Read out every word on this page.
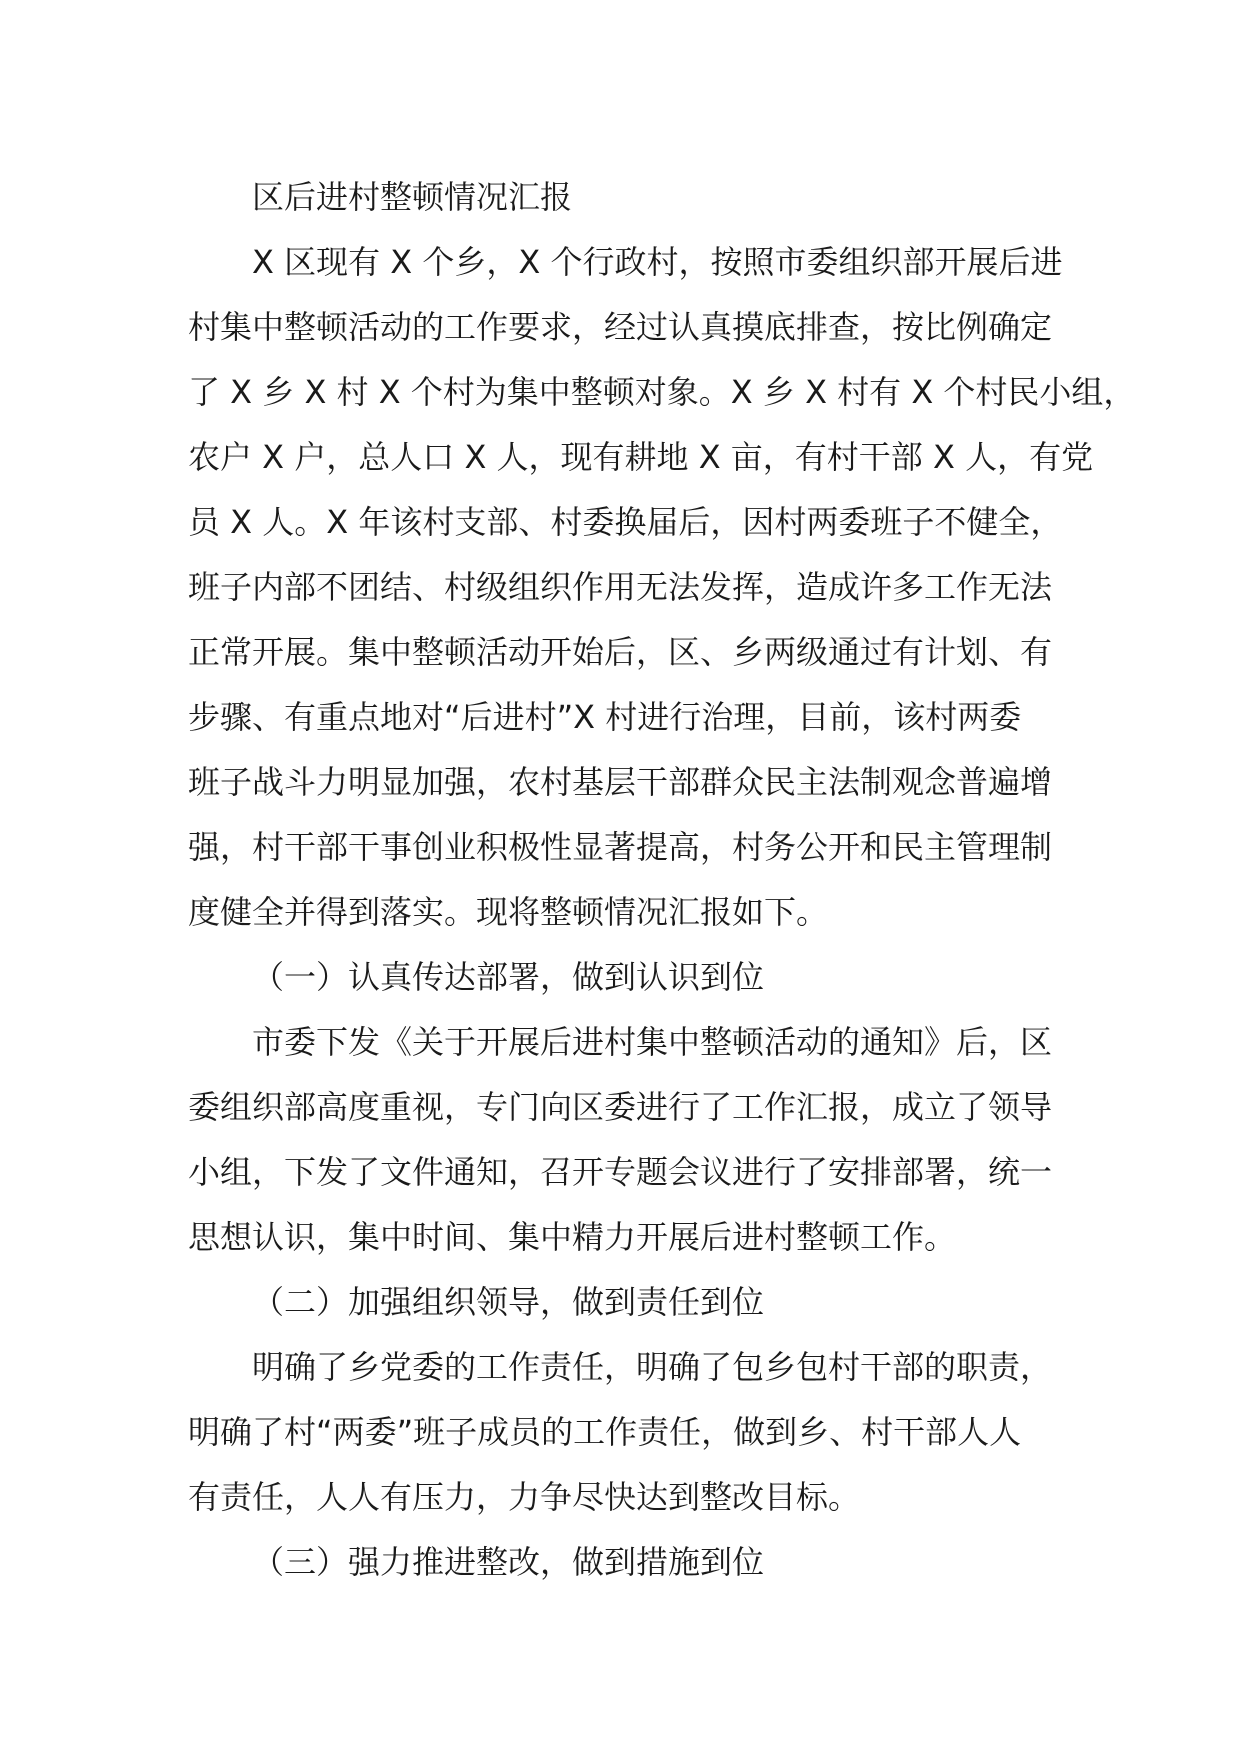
区后进村整顿情况汇报
X 区现有 X 个乡，X 个行政村，按照市委组织部开展后进
村集中整顿活动的工作要求，经过认真摸底排查，按比例确定
了 X 乡 X 村 X 个村为集中整顿对象。X 乡 X 村有 X 个村民小组，
农户 X 户，总人口 X 人，现有耕地 X 亩，有村干部 X 人，有党
员 X 人。X 年该村支部、村委换届后，因村两委班子不健全，
班子内部不团结、村级组织作用无法发挥，造成许多工作无法
正常开展。集中整顿活动开始后，区、乡两级通过有计划、有
步骤、有重点地对“后进村”X 村进行治理，目前，该村两委
班子战斗力明显加强，农村基层干部群众民主法制观念普遍增
强，村干部干事创业积极性显著提高，村务公开和民主管理制
度健全并得到落实。现将整顿情况汇报如下。
（一）认真传达部署，做到认识到位
市委下发《关于开展后进村集中整顿活动的通知》后，区
委组织部高度重视，专门向区委进行了工作汇报，成立了领导
小组，下发了文件通知，召开专题会议进行了安排部署，统一
思想认识，集中时间、集中精力开展后进村整顿工作。
（二）加强组织领导，做到责任到位
明确了乡党委的工作责任，明确了包乡包村干部的职责，
明确了村“两委”班子成员的工作责任，做到乡、村干部人人
有责任，人人有压力，力争尽快达到整改目标。
（三）强力推进整改，做到措施到位
